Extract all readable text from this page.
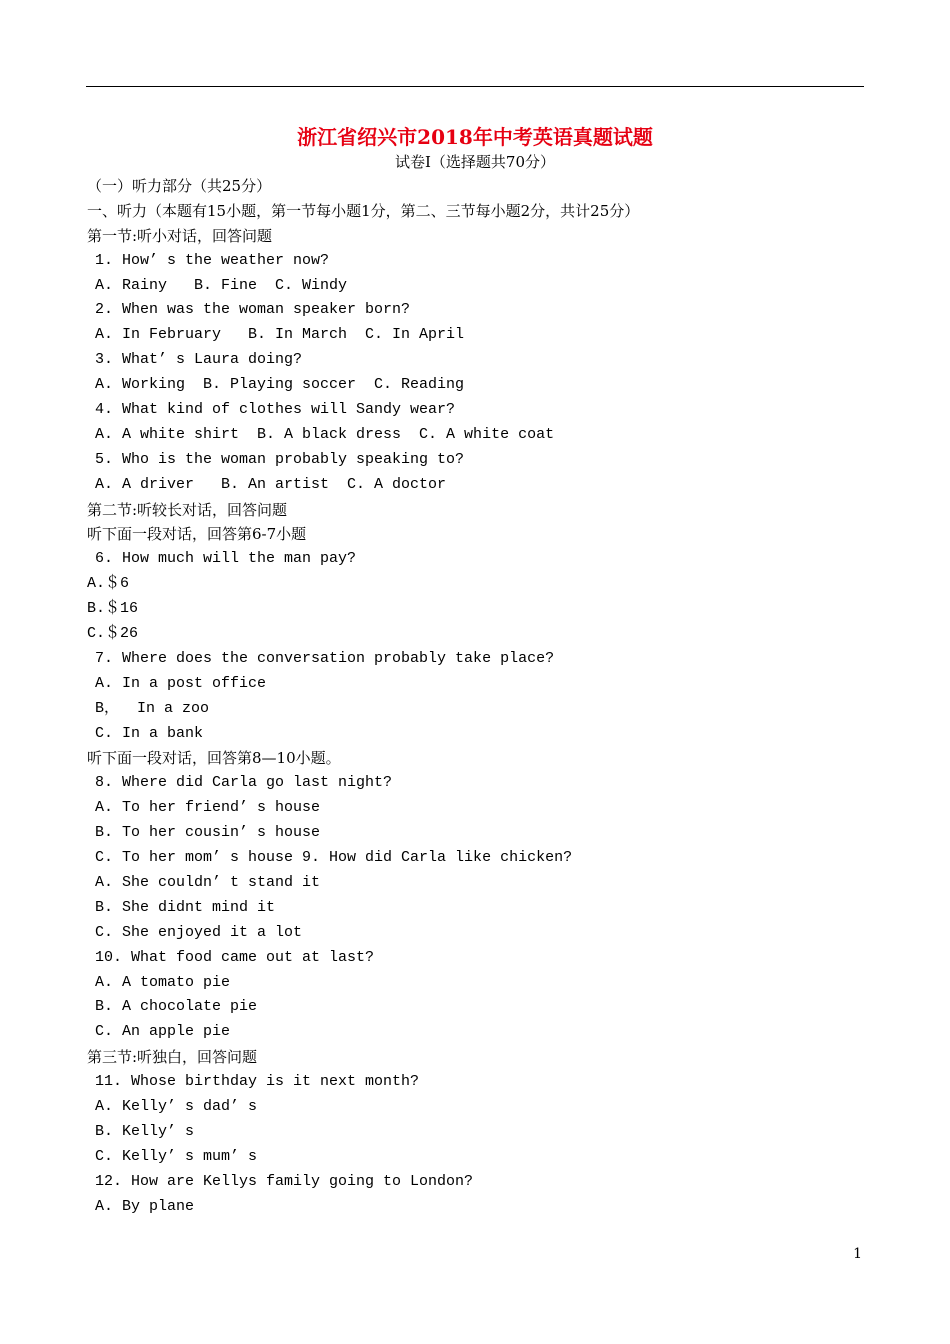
浙江省绍兴市2018年中考英语真题试题
试卷Ⅰ（选择题共70分）
（一）听力部分（共25分）
一、听力（本题有15小题，第一节每小题1分，第二、三节每小题2分，共计25分）
第一节:听小对话，回答问题
1. How’ s the weather now?
A. Rainy   B. Fine  C. Windy
2. When was the woman speaker born?
A. In February   B. In March  C. In April
3. What’ s Laura doing?
A. Working  B. Playing soccer  C. Reading
4. What kind of clothes will Sandy wear?
A. A white shirt  B. A black dress  C. A white coat
5. Who is the woman probably speaking to?
A. A driver   B. An artist  C. A doctor
第二节:听较长对话，回答问题
听下面一段对话，回答第6-7小题
6. How much will the man pay?
A.＄6
B.＄16
C.＄26
7. Where does the conversation probably take place?
A. In a post office
B，  In a zoo
C. In a bank
听下面一段对话，回答第8—10小题。
8. Where did Carla go last night?
A. To her friend’ s house
B. To her cousin’ s house
C. To her mom’ s house 9. How did Carla like chicken?
A. She couldn’ t stand it
B. She didnt mind it
C. She enjoyed it a lot
10. What food came out at last?
A. A tomato pie
B. A chocolate pie
C. An apple pie
第三节:听独白，回答问题
11. Whose birthday is it next month?
A. Kelly’ s dad’ s
B. Kelly’ s
C. Kelly’ s mum’ s
12. How are Kellys family going to London?
A. By plane
1
